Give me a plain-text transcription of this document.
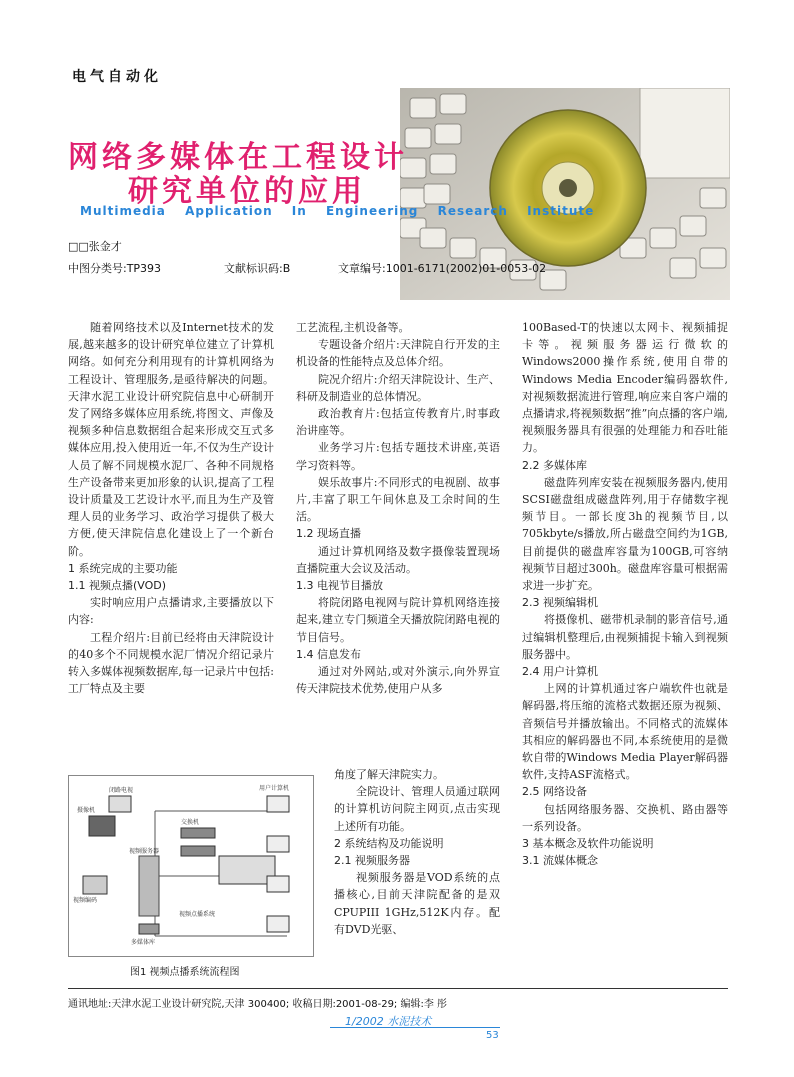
电气自动化
网络多媒体在工程设计
研究单位的应用
Multimedia Application In Engineering Research Institute
□□张金才
中图分类号:TP393	文献标识码:B	文章编号:1001-6171(2002)01-0053-02

随着网络技术以及Internet技术的发展,越来越多的设计研究单位建立了计算机网络。如何充分利用现有的计算机网络为工程设计、管理服务,是亟待解决的问题。天津水泥工业设计研究院信息中心研制开发了网络多媒体应用系统,将图文、声像及视频多种信息数据组合起来形成交互式多媒体应用,投入使用近一年,不仅为生产设计人员了解不同规模水泥厂、各种不同规格生产设备带来更加形象的认识,提高了工程设计质量及工艺设计水平,而且为生产及管理人员的业务学习、政治学习提供了极大方便,使天津院信息化建设上了一个新台阶。

1 系统完成的主要功能

1.1 视频点播(VOD)

实时响应用户点播请求,主要播放以下内容:

工程介绍片:目前已经将由天津院设计的40多个不同规模水泥厂情况介绍记录片转入多媒体视频数据库,每一记录片中包括:工厂特点及主要

工艺流程,主机设备等。

专题设备介绍片:天津院自行开发的主机设备的性能特点及总体介绍。

院况介绍片:介绍天津院设计、生产、科研及制造业的总体情况。

政治教育片:包括宣传教育片,时事政治讲座等。

业务学习片:包括专题技术讲座,英语学习资料等。

娱乐故事片:不同形式的电视剧、故事片,丰富了职工午间休息及工余时间的生活。

1.2 现场直播

通过计算机网络及数字摄像装置现场直播院重大会议及活动。

1.3 电视节目播放

将院闭路电视网与院计算机网络连接起来,建立专门频道全天播放院闭路电视的节目信号。

1.4 信息发布

通过对外网站,或对外演示,向外界宣传天津院技术优势,使用户从多

角度了解天津院实力。

全院设计、管理人员通过联网的计算机访问院主网页,点击实现上述所有功能。

2 系统结构及功能说明

2.1 视频服务器

视频服务器是VOD系统的点播核心,目前天津院配备的是双CPUPIII 1GHz,512K内存。配有DVD光驱、

100Based-T的快速以太网卡、视频捕捉卡等。视频服务器运行微软的Windows2000操作系统,使用自带的Windows Media Encoder编码器软件,对视频数据流进行管理,响应来自客户端的点播请求,将视频数据“推”向点播的客户端,视频服务器具有很强的处理能力和吞吐能力。

2.2 多媒体库

磁盘阵列库安装在视频服务器内,使用SCSI磁盘组成磁盘阵列,用于存储数字视频节目。一部长度3h的视频节目,以705kbyte/s播放,所占磁盘空间约为1GB,目前提供的磁盘库容量为100GB,可容纳视频节目超过300h。磁盘库容量可根据需求进一步扩充。

2.3 视频编辑机

将摄像机、磁带机录制的影音信号,通过编辑机整理后,由视频捕捉卡输入到视频服务器中。

2.4 用户计算机

上网的计算机通过客户端软件也就是解码器,将压缩的流格式数据还原为视频、音频信号并播放输出。不同格式的流媒体其相应的解码器也不同,本系统使用的是微软自带的Windows Media Player解码器软件,支持ASF流格式。

2.5 网络设备

包括网络服务器、交换机、路由器等一系列设备。

3 基本概念及软件功能说明

3.1 流媒体概念

闭路电视
摄像机
视频编码
视频服务器
交换机
用户计算机
视频点播系统
多媒体库
图1 视频点播系统流程图
通讯地址:天津水泥工业设计研究院,天津 300400; 收稿日期:2001-08-29; 编辑:李 彤
1/2002 水泥技术
53
